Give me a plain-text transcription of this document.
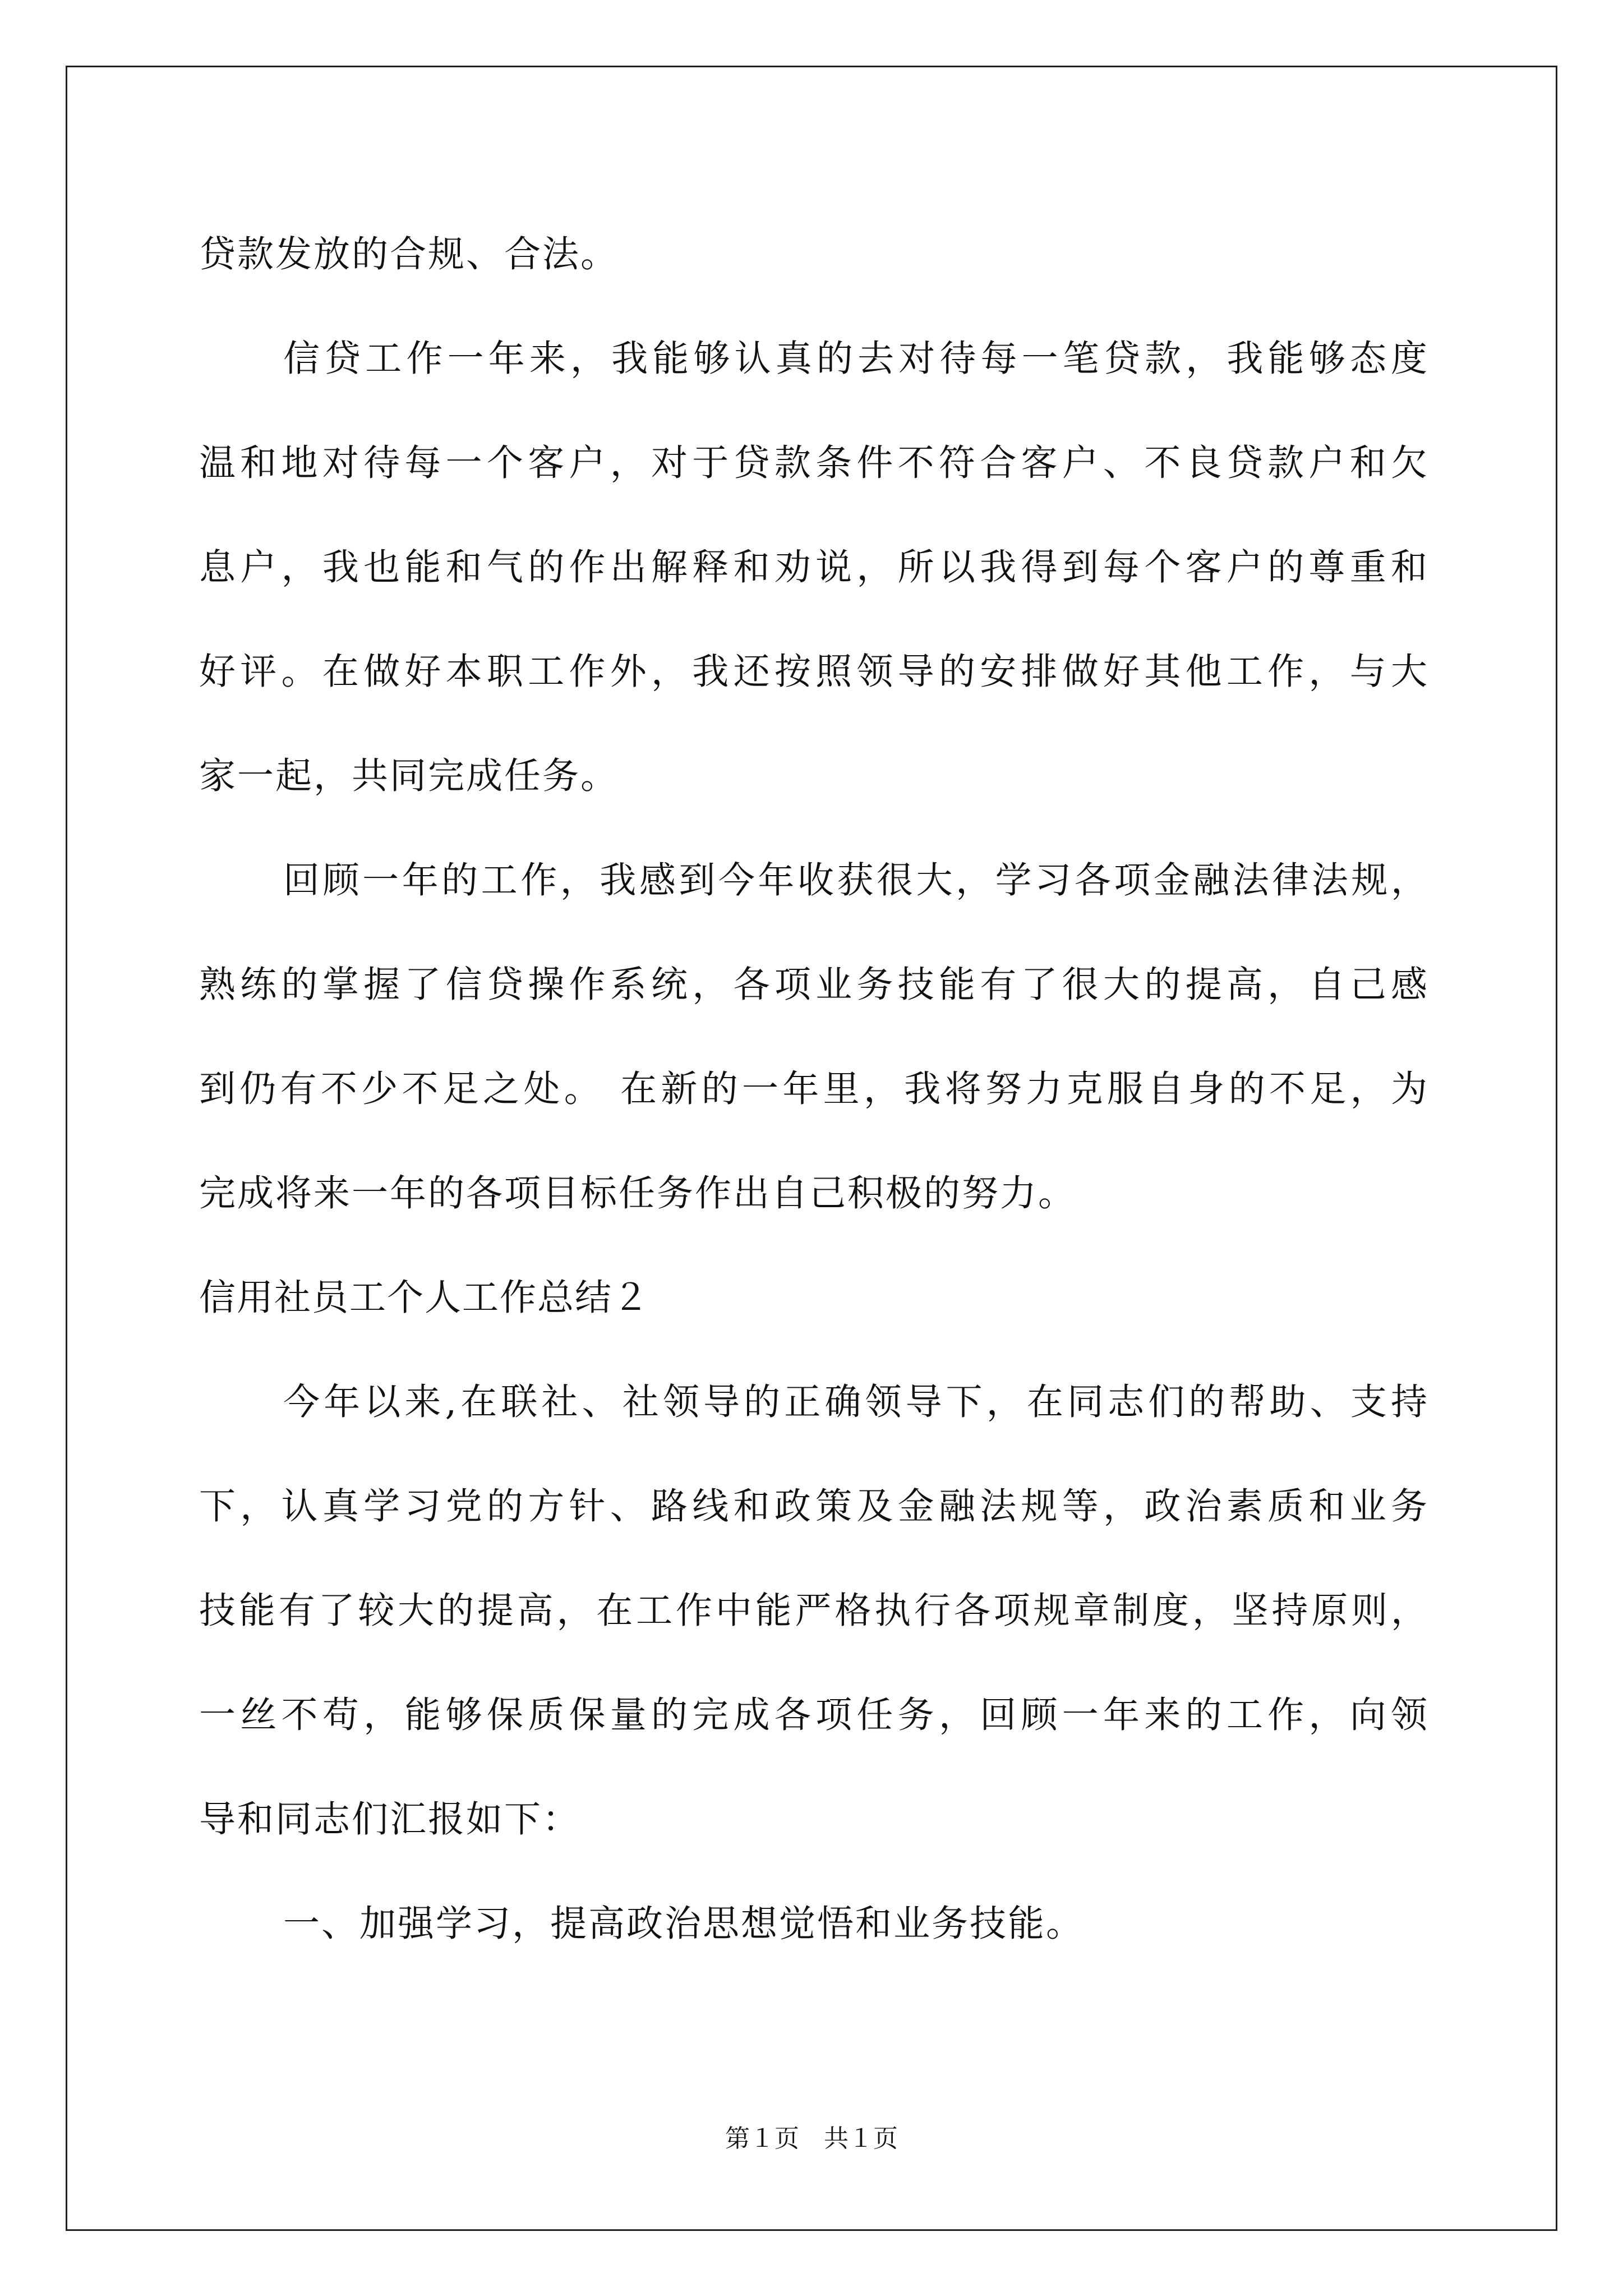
贷款发放的合规、合法。
信贷工作一年来，我能够认真的去对待每一笔贷款，我能够态度
温和地对待每一个客户，对于贷款条件不符合客户、不良贷款户和欠
息户，我也能和气的作出解释和劝说，所以我得到每个客户的尊重和
好评。在做好本职工作外，我还按照领导的安排做好其他工作，与大
家一起，共同完成任务。
回顾一年的工作，我感到今年收获很大，学习各项金融法律法规，
熟练的掌握了信贷操作系统，各项业务技能有了很大的提高，自己感
到仍有不少不足之处。 在新的一年里，我将努力克服自身的不足，为
完成将来一年的各项目标任务作出自己积极的努力。
信用社员工个人工作总结２
今年以来,在联社、社领导的正确领导下，在同志们的帮助、支持
下，认真学习党的方针、路线和政策及金融法规等，政治素质和业务
技能有了较大的提高，在工作中能严格执行各项规章制度，坚持原则，
一丝不苟，能够保质保量的完成各项任务，回顾一年来的工作，向领
导和同志们汇报如下：
一、加强学习，提高政治思想觉悟和业务技能。
第１页　共１页
